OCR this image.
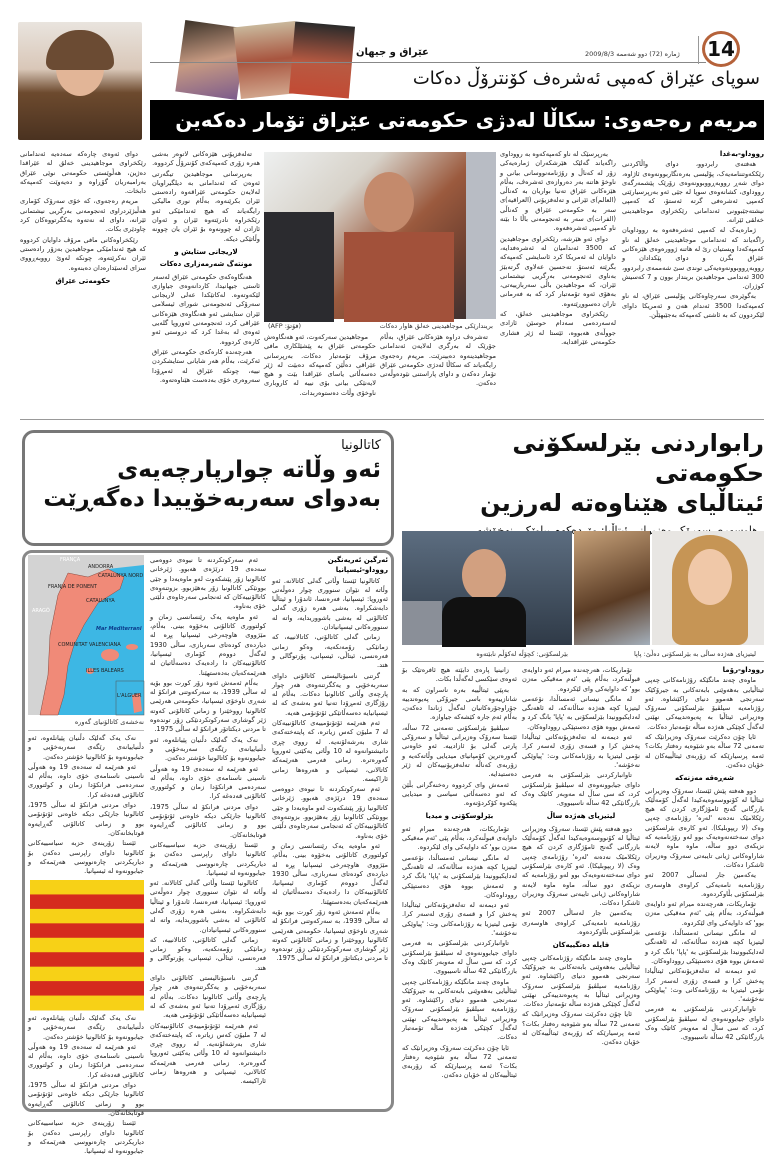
عێراق و جیهان	ژمارە (72) دوو شەممە 2009/8/3 14
سوپای عێراق کەمپی ئەشرەف کۆنترۆڵ دەکات
مریەم رەجەوی: سکاڵا لەدژی حکومەتی عێراق تۆمار دەکەین
رووداو-بەغدا

هەفتەی رابردوو، دوای واڵاکردنی رێککەوتننامەیەک، پۆلیسی بەرەنگاربوونەوەی ئاژاوە، دوای شەڕ رووبەڕووبوونەوەی زۆرێک پێشمەرگەی رووداوی، کشانەوەی سوپا لە جێی ئەو بەرپرسیارێتی کەمپی ئەشرەفی گرتە ئەستۆ، کە کەمپی نیشتەجێبوونی ئەندامانی رێکخراوی موجاهیدینی خەلقی ئێرانە.

ژمارەیەک لە کەمپی ئەشرەفەوە بە رووداویان راگەیاند کە ئەندامانی موجاهیدینی خەلق لە ناو کەمپەکەدا ویستیان رێ لە هاتنە ژوورەوەی هێزەکانی عێراق بگرن و دوای پێکدادان و رووبەڕووبوونەوەیەکی توندی سێ شەممەی رابردوو، 300 ئەندامی موجاهیدین بریندار بوون و 7 کەسیش کوژران.

بەگوێرەی سەرچاوەکانی پۆلیسی عێراق، لە ناو کەمپەکەدا 3500 ئەندام هەن و ئەمریکا داوای لێکردوون کە بە ئاشتی کەمپەکە بەجێبهێڵن.

بەرپرسێک لە ناو کەمپەکەوە بە رووداوی راگەیاند گەلێک هێرشکەران ژمارەیەکی زۆر لە کەناڵ و رۆژنامەنووسانی بیانی و ناوخۆ هاتنە بەر دەروازەی ئەشرەف، بەڵام هێزەکانی عێراق تەنیا بواریان بە کەناڵی (العالم)ی ئێرانی و تەلەفزیۆنی (العراقیە)ی سەر بە حکومەتی عێراق و کەناڵی (الفرات)ی سەر بە ئەنجومەنی باڵا دا بێنە ناو کەمپی ئەشرەفەوە.

دوای ئەو هێرشە، رێکخراوی موجاهیدین کە 3500 ئەندامیان لە ئەشرەفدایە، داوایان لە ئەمریکا کرد ئاسایشی کەمپەکە بگرێتە ئەستۆ. تەحسین عەلاوی گرتەبێژ بەناوی ئەنجومەنی بەرگریی نیشتمانی ئێران، کە موجاهیدین باڵی سەربازییەتی، بەهۆی ئەوە تۆمەتبار کرد کە بە فەرمانی تاران دەسووڕێتەوە.

رێکخراوی موجاهیدینی خەلق، کە لەسەردەمی سەدام حوسێن ئازادی جووڵەی هەبووە، ئێستا لە ژێر فشاری حکومەتی عێراقدایە.

بریندارێکی موجاهیدینی خەلق هاوار دەکات
(فۆتۆ: AFP)

تەشرەف دراوە هێزەکانی عێراق، بەڵام جۆرێک لە بەرگری لەلایەن ئەندامانی موجاهیدینەوە دەبینرێت. مریەم رەجەوی رایگەیاند کە سکاڵا لەدژی حکومەتی عێراق تۆمار دەکەن و داوای پاراستنی نێودەوڵەتی دەکەن.

موجاهیدین سەرکەوت، ئەو هەنگاوەش حکومەتی عێراق بە پێشێلکاری مافی مرۆڤ تۆمەتبار دەکات. بەرپرسانی عێراقی دەڵێن کەمپەکە دەبێت لە ژێر دەسەڵاتی یاسای عێراقدا بێت و هیچ لایەنێکی بیانی بۆی نییە لە کاروباری ناوخۆی وڵات دەستوەربدات.

تەلەفزیۆنی هێزەکانی لاتوەر بەشی هەرە زۆری کەمپەکەی کۆنترۆڵ کردووە.

بەرپرسانی موجاهیدین تیگەرتی ئەوەن کە ئەندامانی بە دیلگیراویان لەلایەن حکومەتی عێراقەوە رادەستی ئێران بکرێنەوە، بەڵام نوری مالیکی رایگەیاند کە هیچ ئەندامێکی ئەو رێکخراوە نادرێتەوە ئێران و ئەوان ئازادن لە چوونەوە بۆ ئێران یان چوونە وڵاتێکی دیکە.

لاریجانی ستایش و
مونتەگ شەرمەزاری دەکات

هەنگاوەکەی حکومەتی عێراق لەسەر ئاستی جیهانیدا، کاردانەوەی جیاوازی لێکەوتەوە. لەکاتێکدا عەلی لاریجانی سەرۆکی ئەنجومەنی شورای ئیسلامی ئێران ستایشی ئەو هەنگاوەی هێزەکانی عێراقی کرد، ئەنجومەنی ئەوروپا گلەیی ئەوەی لە بەغدا کرد کە دروستی ئەو کارەی کردووە.

هەرچەندە کارەکەی حکومەتی عێراق ئەکرێت، بەڵام هەر شایانی ستایشکردن نییە، چونکە عێراق لە ئەمڕۆدا سەروەری خۆی بەدەست هێناوەتەوە.

دوای ئەوەی چارەکە سەدەیە ئەندامانی رێکخراوی موجاهیدینی خەلق لە عێراقدا دەژین، هەڵوێستی حکومەتی نوێی عێراق بەرامبەریان گۆڕاوە و دەیەوێت کەمپەکە دابخات.

مریەم رەجەوی، کە خۆی سەرۆک کۆماری هەڵبژێردراوی ئەنجومەنی بەرگریی نیشتمانی ئێرانە، داوای لە نەتەوە یەکگرتووەکان کرد چاودێری بکات.

رێکخراوەکانی مافی مرۆڤ داوایان کردووە کە هیچ ئەندامێکی موجاهیدین بەزۆر رادەستی ئێران نەکرێتەوە، چونکە لەوێ رووبەڕووی سزای لەسێدارەدان دەبنەوە.

حکومەتی عێراق
کاتالونیا
ئەو وڵاتە چوارپارچەیەی
بەدوای سەربەخۆییدا دەگەڕێت
FRANÇA
ANDORRA
CATALUNYA NORD
FRANJA DE PONENT
CATALUNYA
ARAGÓ
Mar Mediterrani
COMUNITAT VALENCIANA
ILLES BALEARS
L'ALGUER
نەخشەی کاتالۆنیای گەورە

نەک یەک گەلێک دڵنیان پێیانلەوە، ئەو دڵنیاییانەی رێگەی سەربەخۆیی و جیابوونەوە بۆ کاتالونیا خۆشتر دەکەن.

ئەو هەرێمە لە سەدەی 19 وە هەوڵی ناسینی ناسنامەی خۆی داوە، بەڵام لە سەردەمی فرانکۆدا زمان و کولتووری کاتالۆنی قەدەغە کرا.

دوای مردنی فرانکۆ لە ساڵی 1975، کاتالونیا جارێکی دیکە خاوەنی ئۆتۆنۆمی بوو و زمانی کاتالۆنی گەڕایەوە قوتابخانەکان.

ئێستا زۆرینەی حزبە سیاسییەکانی کاتالونیا داوای راپرسی دەکەن بۆ دیاریکردنی چارەنووسی هەرێمەکە و جیابوونەوە لە ئیسپانیا.

نەک یەک گەلێک دڵنیان پێیانلەوە، ئەو دڵنیاییانەی رێگەی سەربەخۆیی و جیابوونەوە بۆ کاتالونیا خۆشتر دەکەن.

ئەو هەرێمە لە سەدەی 19 وە هەوڵی ناسینی ناسنامەی خۆی داوە، بەڵام لە سەردەمی فرانکۆدا زمان و کولتووری کاتالۆنی قەدەغە کرا.

دوای مردنی فرانکۆ لە ساڵی 1975، کاتالونیا جارێکی دیکە خاوەنی ئۆتۆنۆمی بوو و زمانی کاتالۆنی گەڕایەوە قوتابخانەکان.

ئێستا زۆرینەی حزبە سیاسییەکانی کاتالونیا داوای راپرسی دەکەن بۆ دیاریکردنی چارەنووسی هەرێمەکە و جیابوونەوە لە ئیسپانیا.

ئەم سەرکوتکردنە تا نیوەی دووەمی سەدەی 19 درێژەی هەبوو. ژێرخانی کاتالونیا زۆر پێشکەوت لەو ماوەیەدا و جێی بوونێکی کاتالونیا زۆر بەهێزبوو. بزوتنەوەی کاتالۆنییەکان کە ئەنجامی سەرجاوەی دڵێتی خۆی بەناوە.

ئەو ماوەیە یەک رێنسانسی زمان و کولتووری کاتالۆنی بەخۆوە بینی. بەڵام، مێژووی هاوچەرخی ئیسپانیا پڕە لە دیاردەی کودەتای سەربازی، ساڵی 1930 لەگەڵ دووەم کۆماری ئیسپانیا، کاتالۆنییەکان دا رادەیەک دەسەڵاتیان لە هەرێمەکەیان بەدەستهێنا.

بەڵام ئەمەش ئەوە زۆر کورت بوو بۆیە لە ساڵی 1939، بە سەرکەوتنی فرانکۆ لە شەڕی ناوخۆی ئیسپانیا، حکومەتی هەرێمی کاتالونیا رووخێنرا و زمانی کاتالۆنی کەوتە ژێر گوشاری سەرکوتکردنێکی زۆر توندەوە تا مردنی دیکتاتۆر فرانکۆ لە ساڵی 1975.

نەک یەک گەلێک دڵنیان پێیانلەوە، ئەو دڵنیاییانەی رێگەی سەربەخۆیی و جیابوونەوە بۆ کاتالونیا خۆشتر دەکەن.

ئەو هەرێمە لە سەدەی 19 وە هەوڵی ناسینی ناسنامەی خۆی داوە، بەڵام لە سەردەمی فرانکۆدا زمان و کولتووری کاتالۆنی قەدەغە کرا.

دوای مردنی فرانکۆ لە ساڵی 1975، کاتالونیا جارێکی دیکە خاوەنی ئۆتۆنۆمی بوو و زمانی کاتالۆنی گەڕایەوە قوتابخانەکان.

ئێستا زۆرینەی حزبە سیاسییەکانی کاتالونیا داوای راپرسی دەکەن بۆ دیاریکردنی چارەنووسی هەرێمەکە و جیابوونەوە لە ئیسپانیا.

کاتالونیا ئێستا وڵاتی گەلی کاتالانە. ئەو وڵاتە لە نێوان سنووری چوار دەوڵەتی ئەوروپا: ئیسپانیا، فەرەنسا، ئاندۆرا و ئیتاڵیا دابەشکراوە. بەشی هەرە زۆری گەلی کاتالۆنی لە بەشی باشووریدایە، واتە لە سنوورەکانی ئیسپانیادان.

زمانی گەلی کاتالۆنی، کاتالانییە، کە زمانێکی رۆمەنکەیە، وەکو زمانی فەرەنسی، ئیتاڵی، ئیسپانی، پۆرتوگالی و هتد.

گرتنی ناسیۆنالیستی کاتالۆنی داوای سەربەخۆیی و یەکگرتنەوەی هەر چوار پارچەی وڵاتی کاتالونیا دەکات. بەڵام لە رۆژگاری ئەمڕۆدا تەنیا ئەو بەشەی کە لە ئیسپانیایە دەسەڵاتێکی ئۆتۆنۆمی هەیە.

ئەم هەرێمە ئۆتۆنۆمییەی کاتالۆنییەکان لە 7 ملیۆن کەس زیاترە، کە پایتەختەکەی شاری بەرشەلۆنەیە. لە رووی چڕی دانیشتوانەوە لە 10 وڵاتی یەکێتی ئەوروپا گەورەترە. زمانی فەرمی هەرێمەکە کاتالانی، ئیسپانی و هەروەها زمانی ئاراکیسە.

ئەرگین ئەریەنگین
رووداو-ئیسپانیا

کاتالونیا ئێستا وڵاتی گەلی کاتالانە. ئەو وڵاتە لە نێوان سنووری چوار دەوڵەتی ئەوروپا: ئیسپانیا، فەرەنسا، ئاندۆرا و ئیتاڵیا دابەشکراوە. بەشی هەرە زۆری گەلی کاتالۆنی لە بەشی باشووریدایە، واتە لە سنوورەکانی ئیسپانیادان.

زمانی گەلی کاتالۆنی، کاتالانییە، کە زمانێکی رۆمەنکەیە، وەکو زمانی فەرەنسی، ئیتاڵی، ئیسپانی، پۆرتوگالی و هتد.

گرتنی ناسیۆنالیستی کاتالۆنی داوای سەربەخۆیی و یەکگرتنەوەی هەر چوار پارچەی وڵاتی کاتالونیا دەکات. بەڵام لە رۆژگاری ئەمڕۆدا تەنیا ئەو بەشەی کە لە ئیسپانیایە دەسەڵاتێکی ئۆتۆنۆمی هەیە.

ئەم هەرێمە ئۆتۆنۆمییەی کاتالۆنییەکان لە 7 ملیۆن کەس زیاترە، کە پایتەختەکەی شاری بەرشەلۆنەیە. لە رووی چڕی دانیشتوانەوە لە 10 وڵاتی یەکێتی ئەوروپا گەورەترە. زمانی فەرمی هەرێمەکە کاتالانی، ئیسپانی و هەروەها زمانی ئاراکیسە.

ئەم سەرکوتکردنە تا نیوەی دووەمی سەدەی 19 درێژەی هەبوو. ژێرخانی کاتالونیا زۆر پێشکەوت لەو ماوەیەدا و جێی بوونێکی کاتالونیا زۆر بەهێزبوو. بزوتنەوەی کاتالۆنییەکان کە ئەنجامی سەرجاوەی دڵێتی خۆی بەناوە.

ئەو ماوەیە یەک رێنسانسی زمان و کولتووری کاتالۆنی بەخۆوە بینی. بەڵام، مێژووی هاوچەرخی ئیسپانیا پڕە لە دیاردەی کودەتای سەربازی، ساڵی 1930 لەگەڵ دووەم کۆماری ئیسپانیا، کاتالۆنییەکان دا رادەیەک دەسەڵاتیان لە هەرێمەکەیان بەدەستهێنا.

بەڵام ئەمەش ئەوە زۆر کورت بوو بۆیە لە ساڵی 1939، بە سەرکەوتنی فرانکۆ لە شەڕی ناوخۆی ئیسپانیا، حکومەتی هەرێمی کاتالونیا رووخێنرا و زمانی کاتالۆنی کەوتە ژێر گوشاری سەرکوتکردنێکی زۆر توندەوە تا مردنی دیکتاتۆر فرانکۆ لە ساڵی 1975.

رابواردنی بێرلسکۆنی حکومەتی
ئیتاڵیای هێناوەتە لەرزین
بێرلسکۆنی: کچۆڵە لەکۆڵم نابێتەوە	لیتیزیای هەژدە ساڵی بە بێرلسکۆنی دەڵێ: پاپا
رووداو-رۆما

ماوەی چەند مانگێکە رۆژنامەکانی چەپی ئیتاڵیایی بەهەوێنی بابەتەکانی بە جیرۆکێک سەرنجی هەموو دنیای راکێشاوە. ئەو رۆژنامەیە سیلڤیۆ بێرلسکۆنی سەرۆک وەزیرانی ئیتاڵیا بە پەیوەندییەکی نهێنی لەگەڵ کچێکی هەژدە ساڵە تۆمەتبار دەکات.

ئایا چۆن دەکرێت سەرۆک وەزیرانێک کە تەمەنی 72 ساڵە بەو شێوەیە رەفتار بکات؟ ئەمە پرسیارێکە کە زۆربەی ئیتاڵییەکان لە خۆیان دەکەن.

شەڕەقە مەزنەکە

دوو هەفتە پێش ئێستا، سەرۆک وەزیرانی ئیتاڵیا لە کۆنووسەوەیەکیدا لەگەڵ کۆمەڵێک بازرگانی گەنج ئامۆژگاری کردن کە هیچ رێکلامێک نەدەنە 'لەرە' رۆژنامەی چەپی وەک (لا ریپوبلیکا). ئەو کارەی بێرلسکۆنی دوای سەختەنەوەیەک بوو لەو رۆژنامەیە کە نزیکەی دوو ساڵە، ماوە ماوە لایەنە شاراوەکانی ژیانی تایبەتی سەرۆک وەزیران ئاشکرا دەکات.

یەکەمین جار لەساڵی 2007 ئەو رۆژنامەیە نامەیەکی کراوەی هاوسەری بێرلسکۆنی بڵاوکردەوە.

تۆماریکات، هەرچەندە میرام ئەو داوایەی قبوڵنەکرد، بەڵام پێی 'ئەم مەقیکی مەزن بوو' کە داوایەکی وای لێکردوە.

لە مانگی نیسانی ئەمساڵدا، نۆعەمی لیتیزیا کچە هەژدە ساڵانەکە، لە ئاهەنگی لەدایکبوونیدا بێرلسکۆنی بە 'پاپا' بانگ کرد و ئەمەش بووە هۆی دەستپێکی رووداوەکان.

ئەو دیمەنە لە تەلەفزیۆنەکانی ئیتاڵیادا پەخش کرا و قسەی زۆری لەسەر کرا. نۆمی لیتیزیا بە رۆژنامەکانی وت: 'پیاوێکی نەخۆشە'.

تاوانبارکردنی بێرلسکۆنی بە فەرمی داوای جیابوونەوەی لە سیلڤیۆ بێرلسکۆنی کرد، کە سی ساڵ لە مەوبەر کاتێک وەک بازرگانێکی 42 ساڵە ناسیبووی.

تۆماریکات، هەرچەندە میرام ئەو داوایەی قبوڵنەکرد، بەڵام پێی 'ئەم مەقیکی مەزن بوو' کە داوایەکی وای لێکردوە.

لە مانگی نیسانی ئەمساڵدا، نۆعەمی لیتیزیا کچە هەژدە ساڵانەکە، لە ئاهەنگی لەدایکبوونیدا بێرلسکۆنی بە 'پاپا' بانگ کرد و ئەمەش بووە هۆی دەستپێکی رووداوەکان.

ئەو دیمەنە لە تەلەفزیۆنەکانی ئیتاڵیادا پەخش کرا و قسەی زۆری لەسەر کرا. نۆمی لیتیزیا بە رۆژنامەکانی وت: 'پیاوێکی نەخۆشە'.

تاوانبارکردنی بێرلسکۆنی بە فەرمی داوای جیابوونەوەی لە سیلڤیۆ بێرلسکۆنی کرد، کە سی ساڵ لە مەوبەر کاتێک وەک بازرگانێکی 42 ساڵە ناسیبووی.

لیتیزیای هەژدە ساڵ

دوو هەفتە پێش ئێستا، سەرۆک وەزیرانی ئیتاڵیا لە کۆنووسەوەیەکیدا لەگەڵ کۆمەڵێک بازرگانی گەنج ئامۆژگاری کردن کە هیچ رێکلامێک نەدەنە 'لەرە' رۆژنامەی چەپی وەک (لا ریپوبلیکا). ئەو کارەی بێرلسکۆنی دوای سەختەنەوەیەک بوو لەو رۆژنامەیە کە نزیکەی دوو ساڵە، ماوە ماوە لایەنە شاراوەکانی ژیانی تایبەتی سەرۆک وەزیران ئاشکرا دەکات.

یەکەمین جار لەساڵی 2007 ئەو رۆژنامەیە نامەیەکی کراوەی هاوسەری بێرلسکۆنی بڵاوکردەوە.

فایلە دەنگییەکان

ماوەی چەند مانگێکە رۆژنامەکانی چەپی ئیتاڵیایی بەهەوێنی بابەتەکانی بە جیرۆکێک سەرنجی هەموو دنیای راکێشاوە. ئەو رۆژنامەیە سیلڤیۆ بێرلسکۆنی سەرۆک وەزیرانی ئیتاڵیا بە پەیوەندییەکی نهێنی لەگەڵ کچێکی هەژدە ساڵە تۆمەتبار دەکات.

ئایا چۆن دەکرێت سەرۆک وەزیرانێک کە تەمەنی 72 ساڵە بەو شێوەیە رەفتار بکات؟ ئەمە پرسیارێکە کە زۆربەی ئیتاڵییەکان لە خۆیان دەکەن.

زانینیا پارەی دابێتە هیچ ئافرەتێک بۆ ئەوەی سێکسی لەگەڵدا بکات.

بەپێی ئیتاڵییە بەرە ناسراون کە بە شانازییەوە باسی جیرۆکی پەیوەندییە جۆراوجۆرەکانیان لەگەڵ ژناندا دەکەن، بەڵام ئەم جارە کێشەکە جیاوازە.

سیلڤیۆ بێرلسکۆنی تەمەنی 72 ساڵە، ئێستا سەرۆک وەزیرانی ئیتاڵیا و سەرۆکی پارتی گەلی بۆ ئازادییە. ئەو خاوەنی گەورەترین کۆمپانیای میدیایی وڵاتەکەیە و زۆربەی کەناڵە تەلەفزیۆنییەکان لە ژێر دەستیدایە.

ئەمەش وای کردووە رەخنەگرانی بڵێن کە ئەو دەسەڵاتی سیاسی و میدیایی پێکەوە کۆکردۆتەوە.

بێرلوسکۆنی و میدیا

تۆماریکات، هەرچەندە میرام ئەو داوایەی قبوڵنەکرد، بەڵام پێی 'ئەم مەقیکی مەزن بوو' کە داوایەکی وای لێکردوە.

لە مانگی نیسانی ئەمساڵدا، نۆعەمی لیتیزیا کچە هەژدە ساڵانەکە، لە ئاهەنگی لەدایکبوونیدا بێرلسکۆنی بە 'پاپا' بانگ کرد و ئەمەش بووە هۆی دەستپێکی رووداوەکان.

ئەو دیمەنە لە تەلەفزیۆنەکانی ئیتاڵیادا پەخش کرا و قسەی زۆری لەسەر کرا. نۆمی لیتیزیا بە رۆژنامەکانی وت: 'پیاوێکی نەخۆشە'.

تاوانبارکردنی بێرلسکۆنی بە فەرمی داوای جیابوونەوەی لە سیلڤیۆ بێرلسکۆنی کرد، کە سی ساڵ لە مەوبەر کاتێک وەک بازرگانێکی 42 ساڵە ناسیبووی.

ماوەی چەند مانگێکە رۆژنامەکانی چەپی ئیتاڵیایی بەهەوێنی بابەتەکانی بە جیرۆکێک سەرنجی هەموو دنیای راکێشاوە. ئەو رۆژنامەیە سیلڤیۆ بێرلسکۆنی سەرۆک وەزیرانی ئیتاڵیا بە پەیوەندییەکی نهێنی لەگەڵ کچێکی هەژدە ساڵە تۆمەتبار دەکات.

ئایا چۆن دەکرێت سەرۆک وەزیرانێک کە تەمەنی 72 ساڵە بەو شێوەیە رەفتار بکات؟ ئەمە پرسیارێکە کە زۆربەی ئیتاڵییەکان لە خۆیان دەکەن.
